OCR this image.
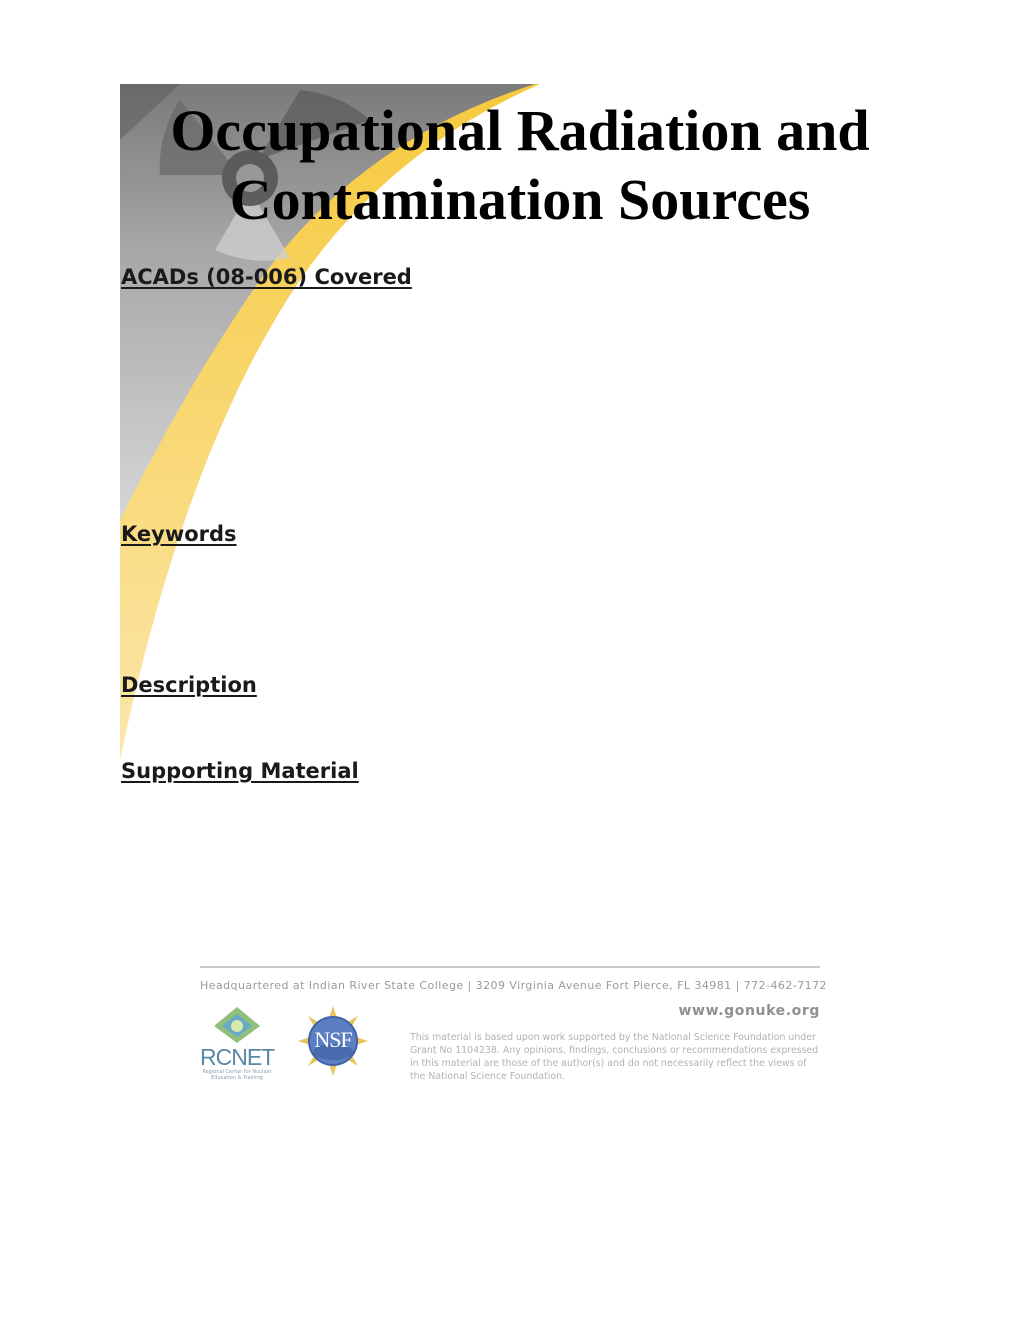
Occupational Radiation and
Contamination Sources
ACADs (08-006) Covered
Keywords
Description
Supporting Material
Headquartered at Indian River State College | 3209 Virginia Avenue Fort Pierce, FL 34981 | 772-462-7172
www.gonuke.org
RCNET
Regional Center for Nuclear Education & Training
NSF	This material is based upon work supported by the National Science Foundation under Grant No 1104238. Any opinions, findings, conclusions or recommendations expressed in this material are those of the author(s) and do not necessarily reflect the views of the National Science Foundation.
